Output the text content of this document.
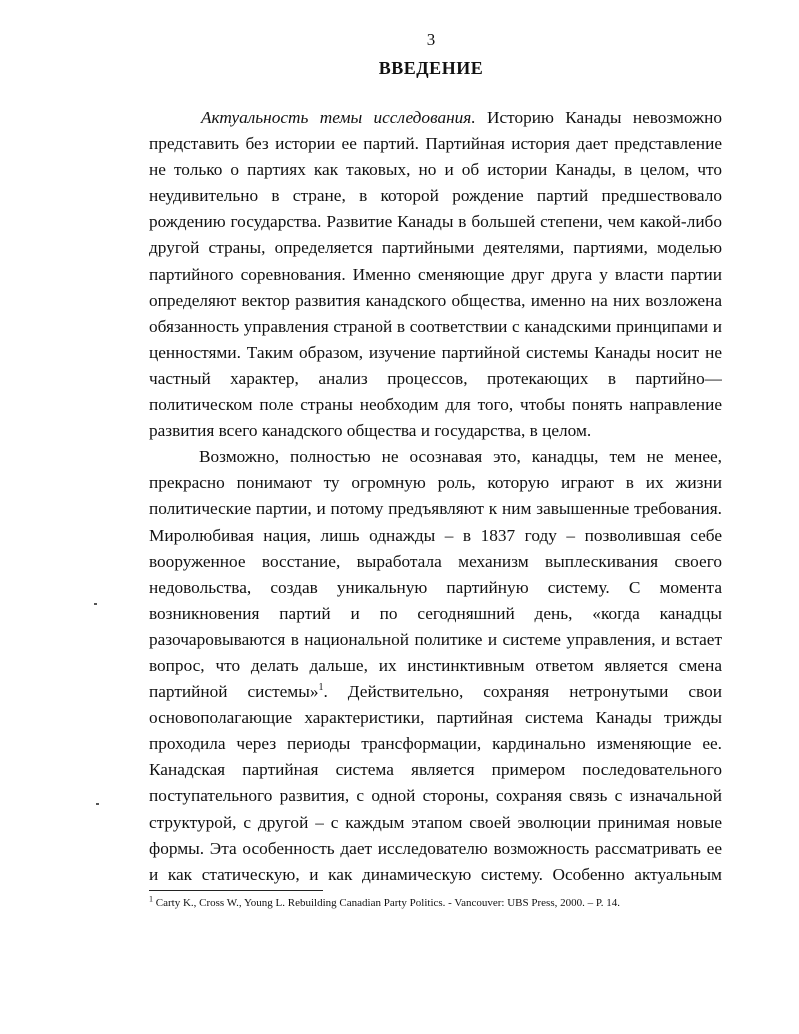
3
ВВЕДЕНИЕ
Актуальность темы исследования. Историю Канады невозможно
представить без истории ее партий. Партийная история дает представление
не только о партиях как таковых, но и об истории Канады, в целом, что
неудивительно в стране, в которой рождение партий предшествовало
рождению государства. Развитие Канады в большей степени, чем какой-либо
другой страны, определяется партийными деятелями, партиями, моделью
партийного соревнования. Именно сменяющие друг друга у власти партии
определяют вектор развития канадского общества, именно на них возложена
обязанность управления страной в соответствии с канадскими принципами и
ценностями. Таким образом, изучение партийной системы Канады носит не
частный характер, анализ процессов, протекающих в партийно—
политическом поле страны необходим для того, чтобы понять направление
развития всего канадского общества и государства, в целом.
Возможно, полностью не осознавая это, канадцы, тем не менее,
прекрасно понимают ту огромную роль, которую играют в их жизни
политические партии, и потому предъявляют к ним завышенные требования.
Миролюбивая нация, лишь однажды – в 1837 году – позволившая себе
вооруженное восстание, выработала механизм выплескивания своего
недовольства, создав уникальную партийную систему. С момента
возникновения партий и по сегодняшний день, «когда канадцы
разочаровываются в национальной политике и системе управления, и встает
вопрос, что делать дальше, их инстинктивным ответом является смена
партийной системы»$^1$. Действительно, сохраняя нетронутыми свои
основополагающие характеристики, партийная система Канады трижды
проходила через периоды трансформации, кардинально изменяющие ее.
Канадская партийная система является примером последовательного
поступательного развития, с одной стороны, сохраняя связь с изначальной
структурой, с другой – с каждым этапом своей эволюции принимая новые
формы. Эта особенность дает исследователю возможность рассматривать ее
и как статическую, и как динамическую систему. Особенно актуальным
$^1$ Carty K., Cross W., Young L. Rebuilding Canadian Party Politics. - Vancouver: UBS Press, 2000. – P. 14.
